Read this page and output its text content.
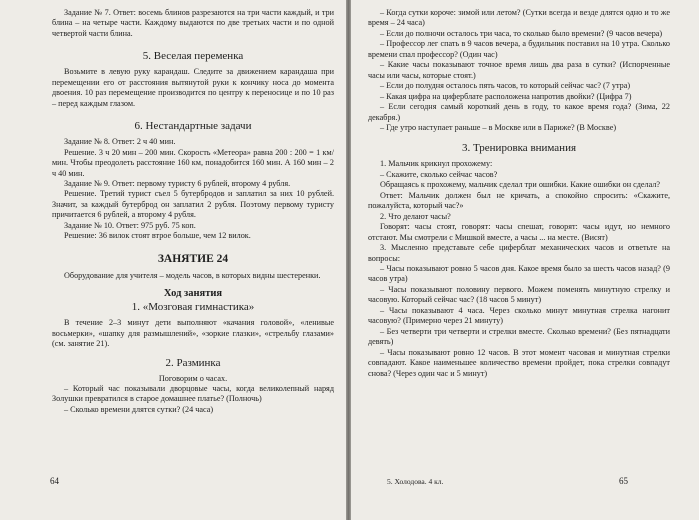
Задание № 7. Ответ: восемь блинов разрезаются на три части каждый, и три блина – на четыре части. Каждому выдаются по две третьих части и по одной четвертой части блина.

5. Веселая переменка

Возьмите в левую руку карандаш. Следите за движением карандаша при перемещении его от расстояния вытянутой руки к кончику носа до момента двоения. 10 раз перемещение производится по центру к переносице и по 10 раз – перед каждым глазом.

6. Нестандартные задачи

Задание № 8. Ответ: 2 ч 40 мин.

Решение. 3 ч 20 мин – 200 мин. Скорость «Метеора» равна 200 : 200 = 1 км/мин. Чтобы преодолеть расстояние 160 км, понадобится 160 мин. А 160 мин – 2 ч 40 мин.

Задание № 9. Ответ: первому туристу 6 рублей, второму 4 рубля.

Решение. Третий турист съел 5 бутербродов и заплатил за них 10 рублей. Значит, за каждый бутерброд он заплатил 2 рубля. Поэтому первому туристу причитается 6 рублей, а второму 4 рубля.

Задание № 10. Ответ: 975 руб. 75 коп.

Решение: 36 вилок стоят втрое больше, чем 12 вилок.

ЗАНЯТИЕ 24

Оборудование для учителя – модель часов, в которых видны шестеренки.

Ход занятия
1. «Мозговая гимнастика»

В течение 2–3 минут дети выполняют «качания головой», «ленивые восьмерки», «шапку для размышлений», «зоркие глазки», «стрельбу глазами» (см. занятие 21).

2. Разминка

Поговорим о часах.

– Который час показывали дворцовые часы, когда великолепный наряд Золушки превратился в старое домашнее платье? (Полночь)

– Сколько времени длятся сутки? (24 часа)

64

– Когда сутки короче: зимой или летом? (Сутки всегда и везде длятся одно и то же время – 24 часа)

– Если до полночи осталось три часа, то сколько было времени? (9 часов вечера)

– Профессор лег спать в 9 часов вечера, а будильник поставил на 10 утра. Сколько времени спал профессор? (Один час)

– Какие часы показывают точное время лишь два раза в сутки? (Испорченные часы или часы, которые стоят.)

– Если до полудня осталось пять часов, то который сейчас час? (7 утра)

– Какая цифра на циферблате расположена напротив двойки? (Цифра 7)

– Если сегодня самый короткий день в году, то какое время года? (Зима, 22 декабря.)

– Где утро наступает раньше – в Москве или в Париже? (В Москве)

3. Тренировка внимания

1. Мальчик крикнул прохожему:

– Скажите, сколько сейчас часов?

Обращаясь к прохожему, мальчик сделал три ошибки. Какие ошибки он сделал?

Ответ: Мальчик должен был не кричать, а спокойно спросить: «Скажите, пожалуйста, который час?»

2. Что делают часы?

Говорят: часы стоят, говорят: часы спешат, говорят: часы идут, но немного отстают. Мы смотрели с Мишкой вместе, а часы ... на месте. (Висят)

3. Мысленно представьте себе циферблат механических часов и ответьте на вопросы:

– Часы показывают ровно 5 часов дня. Какое время было за шесть часов назад? (9 часов утра)

– Часы показывают половину первого. Можем поменять минутную стрелку и часовую. Который сейчас час? (18 часов 5 минут)

– Часы показывают 4 часа. Через сколько минут минутная стрелка нагонит часовую? (Примерно через 21 минуту)

– Без четверти три четверти и стрелки вместе. Сколько времени? (Без пятнадцати девять)

– Часы показывают ровно 12 часов. В этот момент часовая и минутная стрелки совпадают. Какое наименьшее количество времени пройдет, пока стрелки совпадут снова? (Через один час и 5 минут)

5. Холодова. 4 кл.	65
